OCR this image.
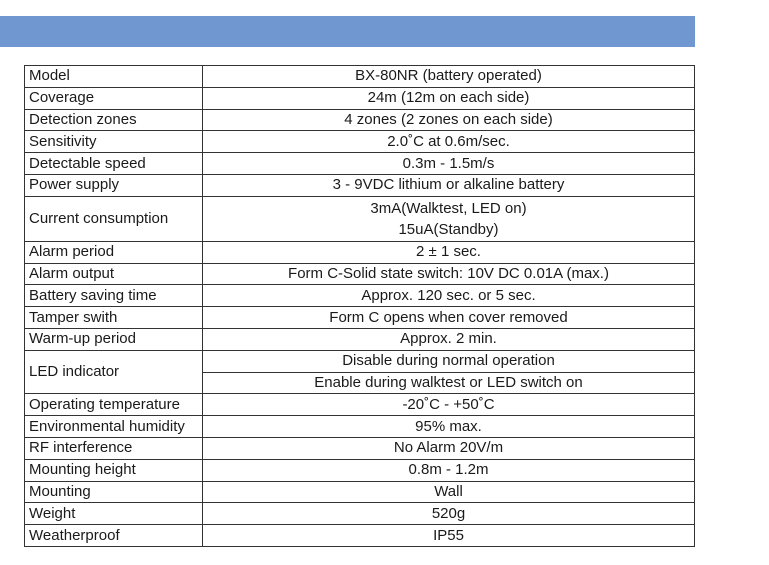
Model	BX-80NR (battery operated)
Coverage	24m (12m on each side)
Detection zones	4 zones (2 zones on each side)
Sensitivity	2.0˚C at 0.6m/sec.
Detectable speed	0.3m - 1.5m/s
Power supply	3 - 9VDC lithium or alkaline battery
Current consumption	3mA(Walktest, LED on)
15uA(Standby)

Alarm period	2 ± 1 sec.
Alarm output	Form C-Solid state switch: 10V DC 0.01A (max.)
Battery saving time	Approx. 120 sec. or 5 sec.
Tamper swith	Form C opens when cover removed
Warm-up period	Approx. 2 min.
LED indicator	Disable during normal operation
	Enable during walktest or LED switch on
Operating temperature	-20˚C - +50˚C
Environmental humidity	95% max.
RF interference	No Alarm 20V/m
Mounting height	0.8m - 1.2m
Mounting	Wall
Weight	520g
Weatherproof	IP55
